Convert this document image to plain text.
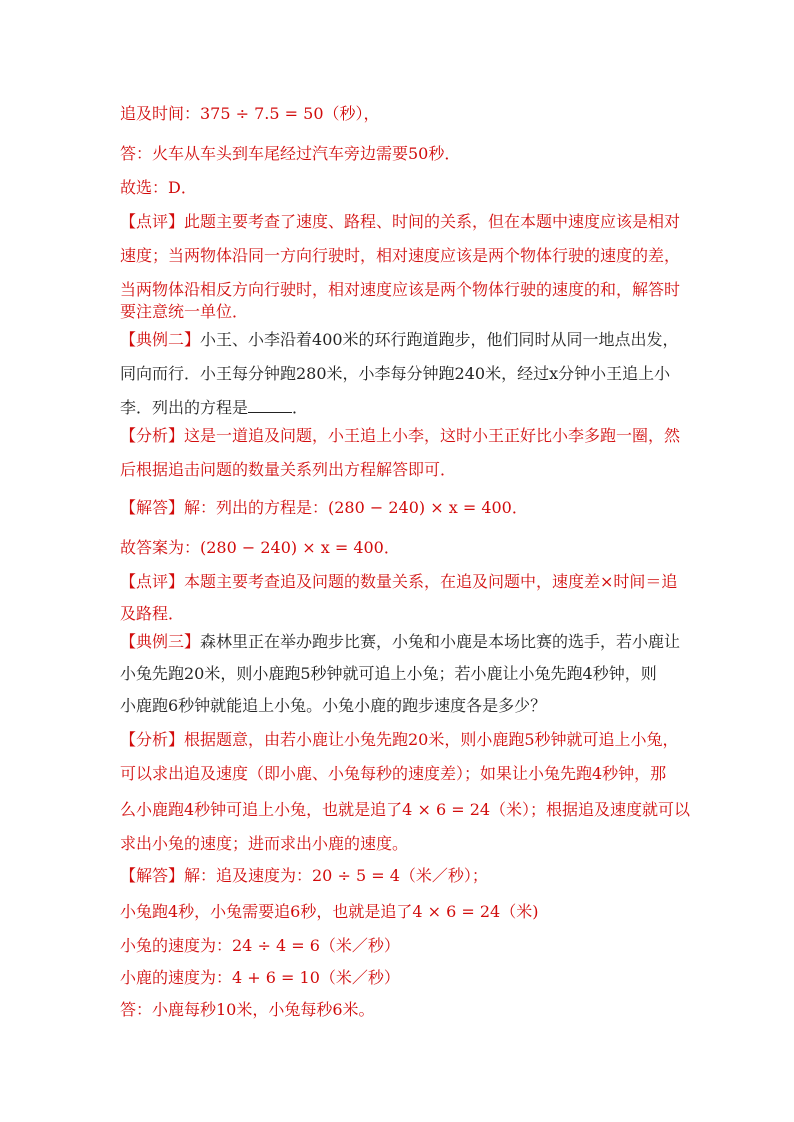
追及时间：375 ÷ 7.5 = 50（秒），
答：火车从车头到车尾经过汽车旁边需要50秒．
故选：D．
【点评】此题主要考查了速度、路程、时间的关系，但在本题中速度应该是相对
速度；当两物体沿同一方向行驶时，相对速度应该是两个物体行驶的速度的差，
当两物体沿相反方向行驶时，相对速度应该是两个物体行驶的速度的和，解答时
要注意统一单位．
【典例二】小王、小李沿着400米的环行跑道跑步，他们同时从同一地点出发，
同向而行．小王每分钟跑280米，小李每分钟跑240米，经过x分钟小王追上小
李．列出的方程是	．
【分析】这是一道追及问题，小王追上小李，这时小王正好比小李多跑一圈，然
后根据追击问题的数量关系列出方程解答即可．
【解答】解：列出的方程是：(280 − 240) × x = 400．
故答案为：(280 − 240) × x = 400．
【点评】本题主要考查追及问题的数量关系，在追及问题中，速度差×时间＝追
及路程．
【典例三】森林里正在举办跑步比赛，小兔和小鹿是本场比赛的选手，若小鹿让
小兔先跑20米，则小鹿跑5秒钟就可追上小兔；若小鹿让小兔先跑4秒钟，则
小鹿跑6秒钟就能追上小兔。小兔小鹿的跑步速度各是多少？
【分析】根据题意，由若小鹿让小兔先跑20米，则小鹿跑5秒钟就可追上小兔，
可以求出追及速度（即小鹿、小兔每秒的速度差）；如果让小兔先跑4秒钟，那
么小鹿跑4秒钟可追上小兔，也就是追了4 × 6 = 24（米）；根据追及速度就可以
求出小兔的速度；进而求出小鹿的速度。
【解答】解：追及速度为：20 ÷ 5 = 4（米／秒）；
小兔跑4秒，小兔需要追6秒，也就是追了4 × 6 = 24（米)
小兔的速度为：24 ÷ 4 = 6（米／秒）
小鹿的速度为：4 + 6 = 10（米／秒）
答：小鹿每秒10米，小兔每秒6米。
